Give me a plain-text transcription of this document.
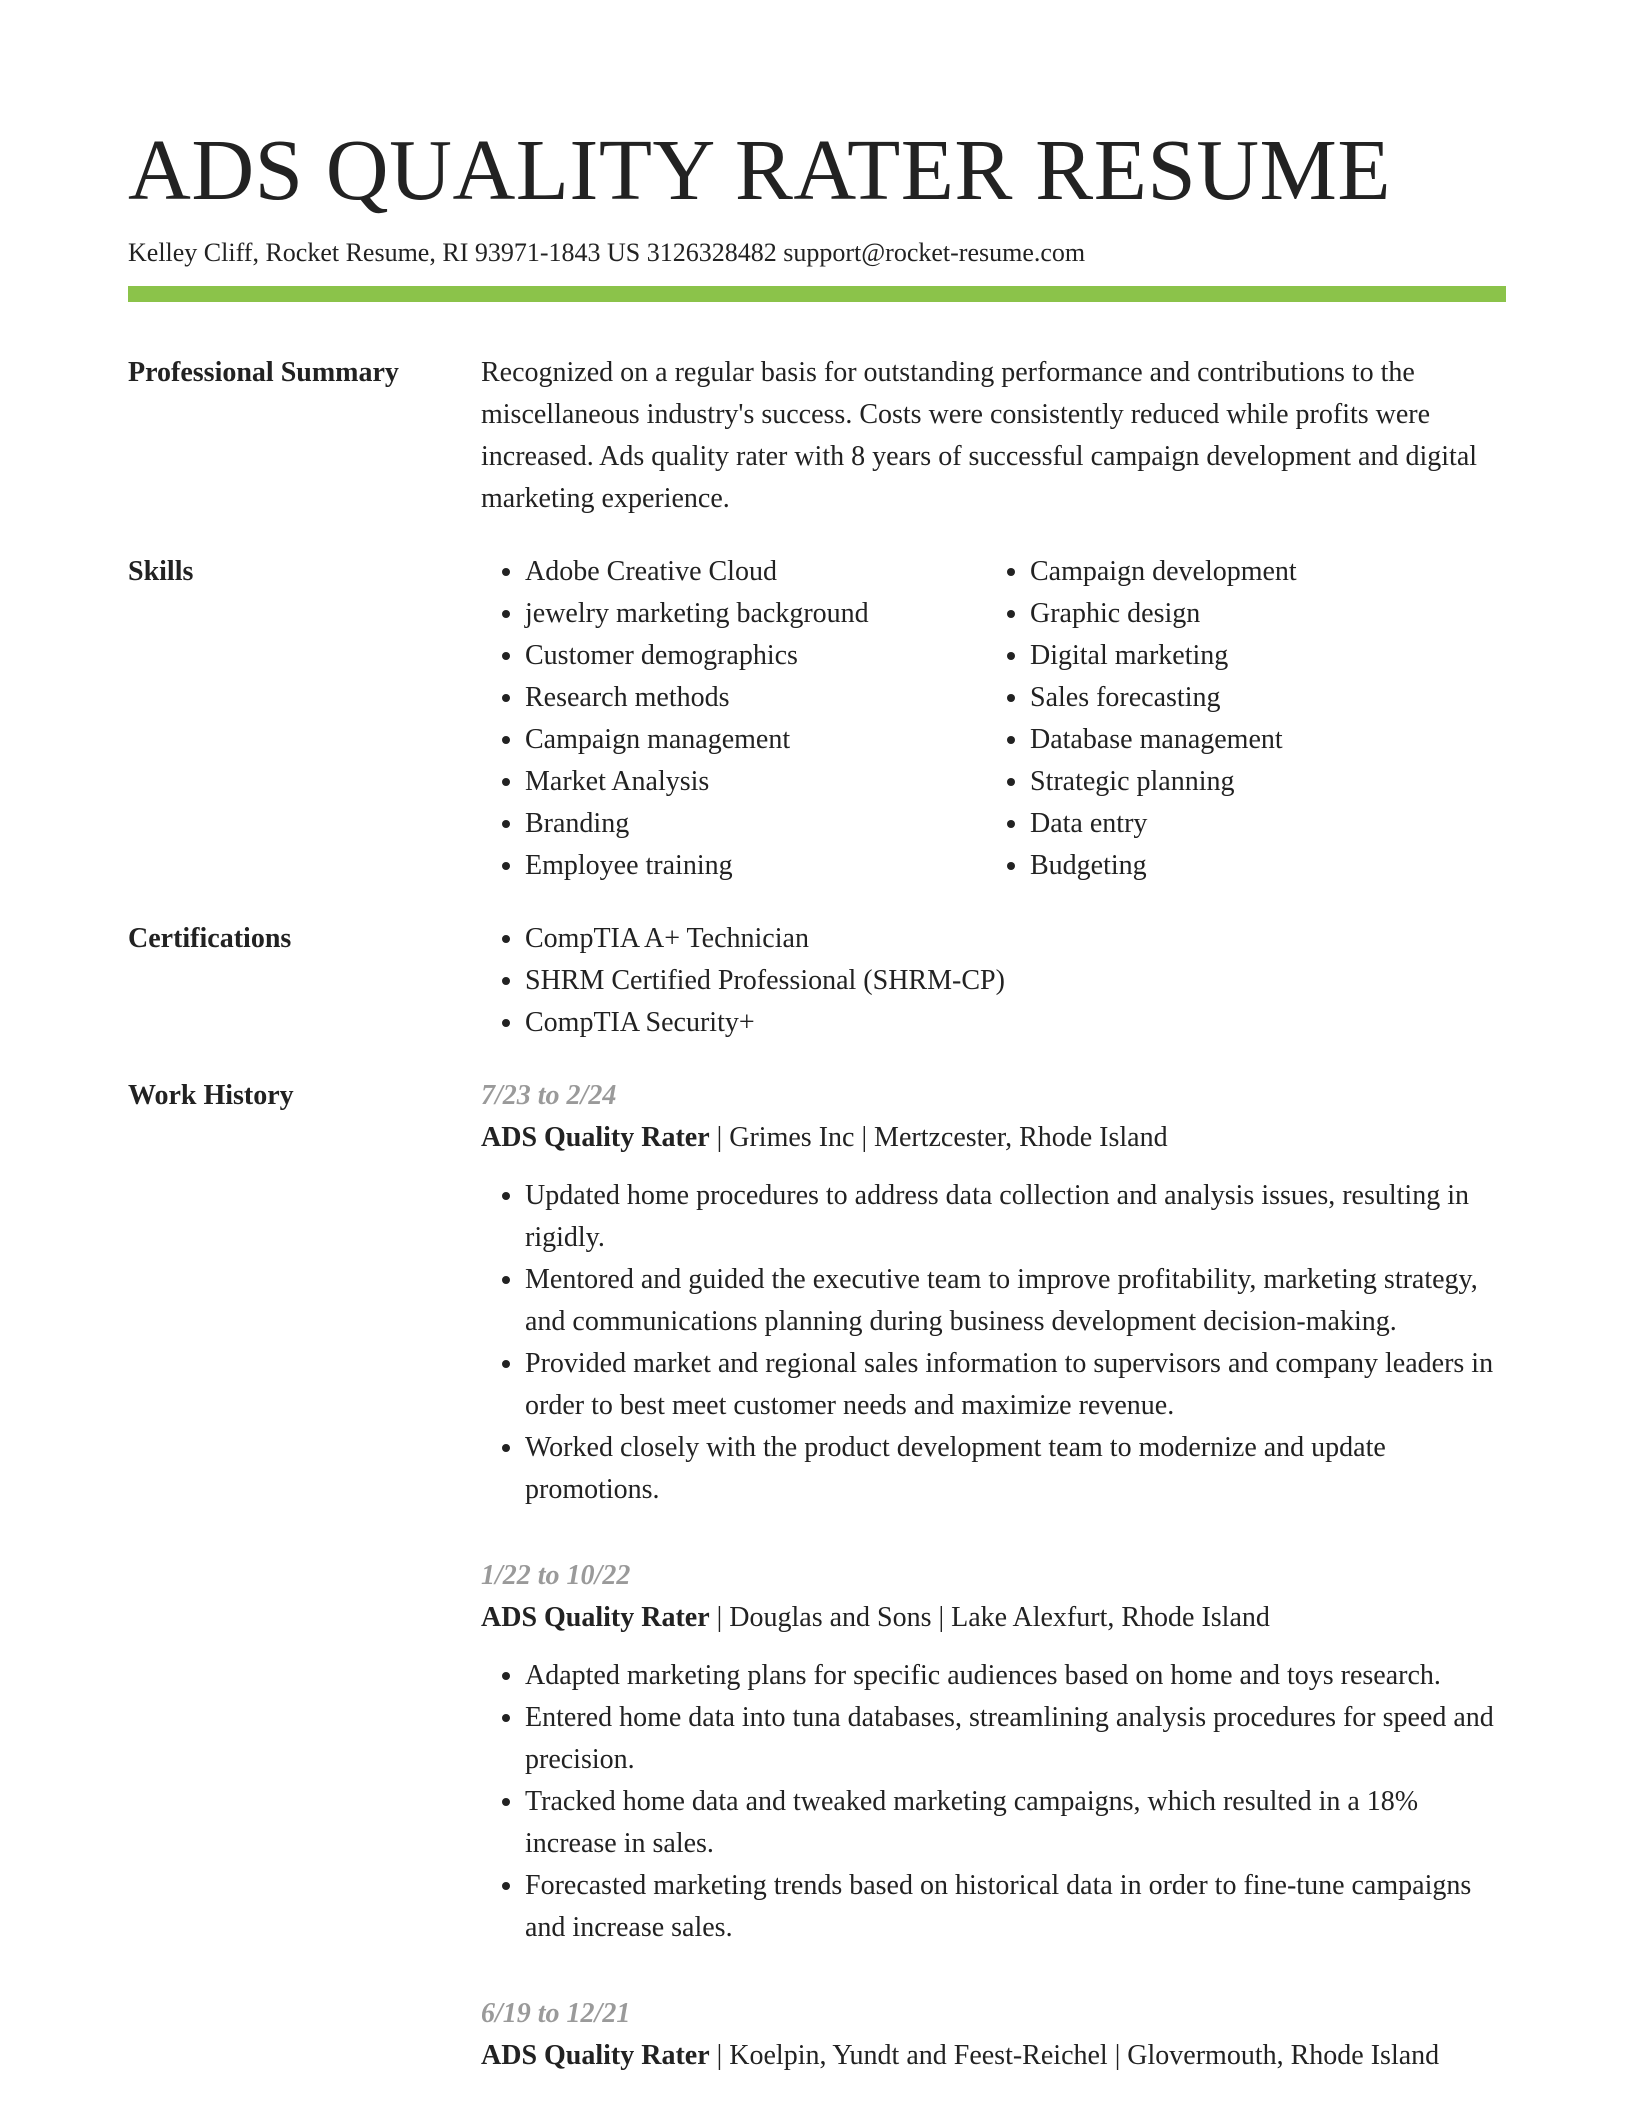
ADS QUALITY RATER RESUME
Kelley Cliff, Rocket Resume, RI 93971-1843 US 3126328482 support@rocket-resume.com
Professional Summary	Recognized on a regular basis for outstanding performance and contributions to the miscellaneous industry's success. Costs were consistently reduced while profits were increased. Ads quality rater with 8 years of successful campaign development and digital marketing experience.

Skills	• Adobe Creative Cloud
• jewelry marketing background
• Customer demographics
• Research methods
• Campaign management
• Market Analysis
• Branding
• Employee training
• Campaign development
• Graphic design
• Digital marketing
• Sales forecasting
• Database management
• Strategic planning
• Data entry
• Budgeting
Certifications	• CompTIA A+ Technician
• SHRM Certified Professional (SHRM-CP)
• CompTIA Security+
Work History	7/23 to 2/24
ADS Quality Rater | Grimes Inc | Mertzcester, Rhode Island
• Updated home procedures to address data collection and analysis issues, resulting in rigidly.
• Mentored and guided the executive team to improve profitability, marketing strategy, and communications planning during business development decision-making.
• Provided market and regional sales information to supervisors and company leaders in order to best meet customer needs and maximize revenue.
• Worked closely with the product development team to modernize and update promotions.
1/22 to 10/22
ADS Quality Rater | Douglas and Sons | Lake Alexfurt, Rhode Island
• Adapted marketing plans for specific audiences based on home and toys research.
• Entered home data into tuna databases, streamlining analysis procedures for speed and precision.
• Tracked home data and tweaked marketing campaigns, which resulted in a 18% increase in sales.
• Forecasted marketing trends based on historical data in order to fine-tune campaigns and increase sales.
6/19 to 12/21
ADS Quality Rater | Koelpin, Yundt and Feest-Reichel | Glovermouth, Rhode Island
